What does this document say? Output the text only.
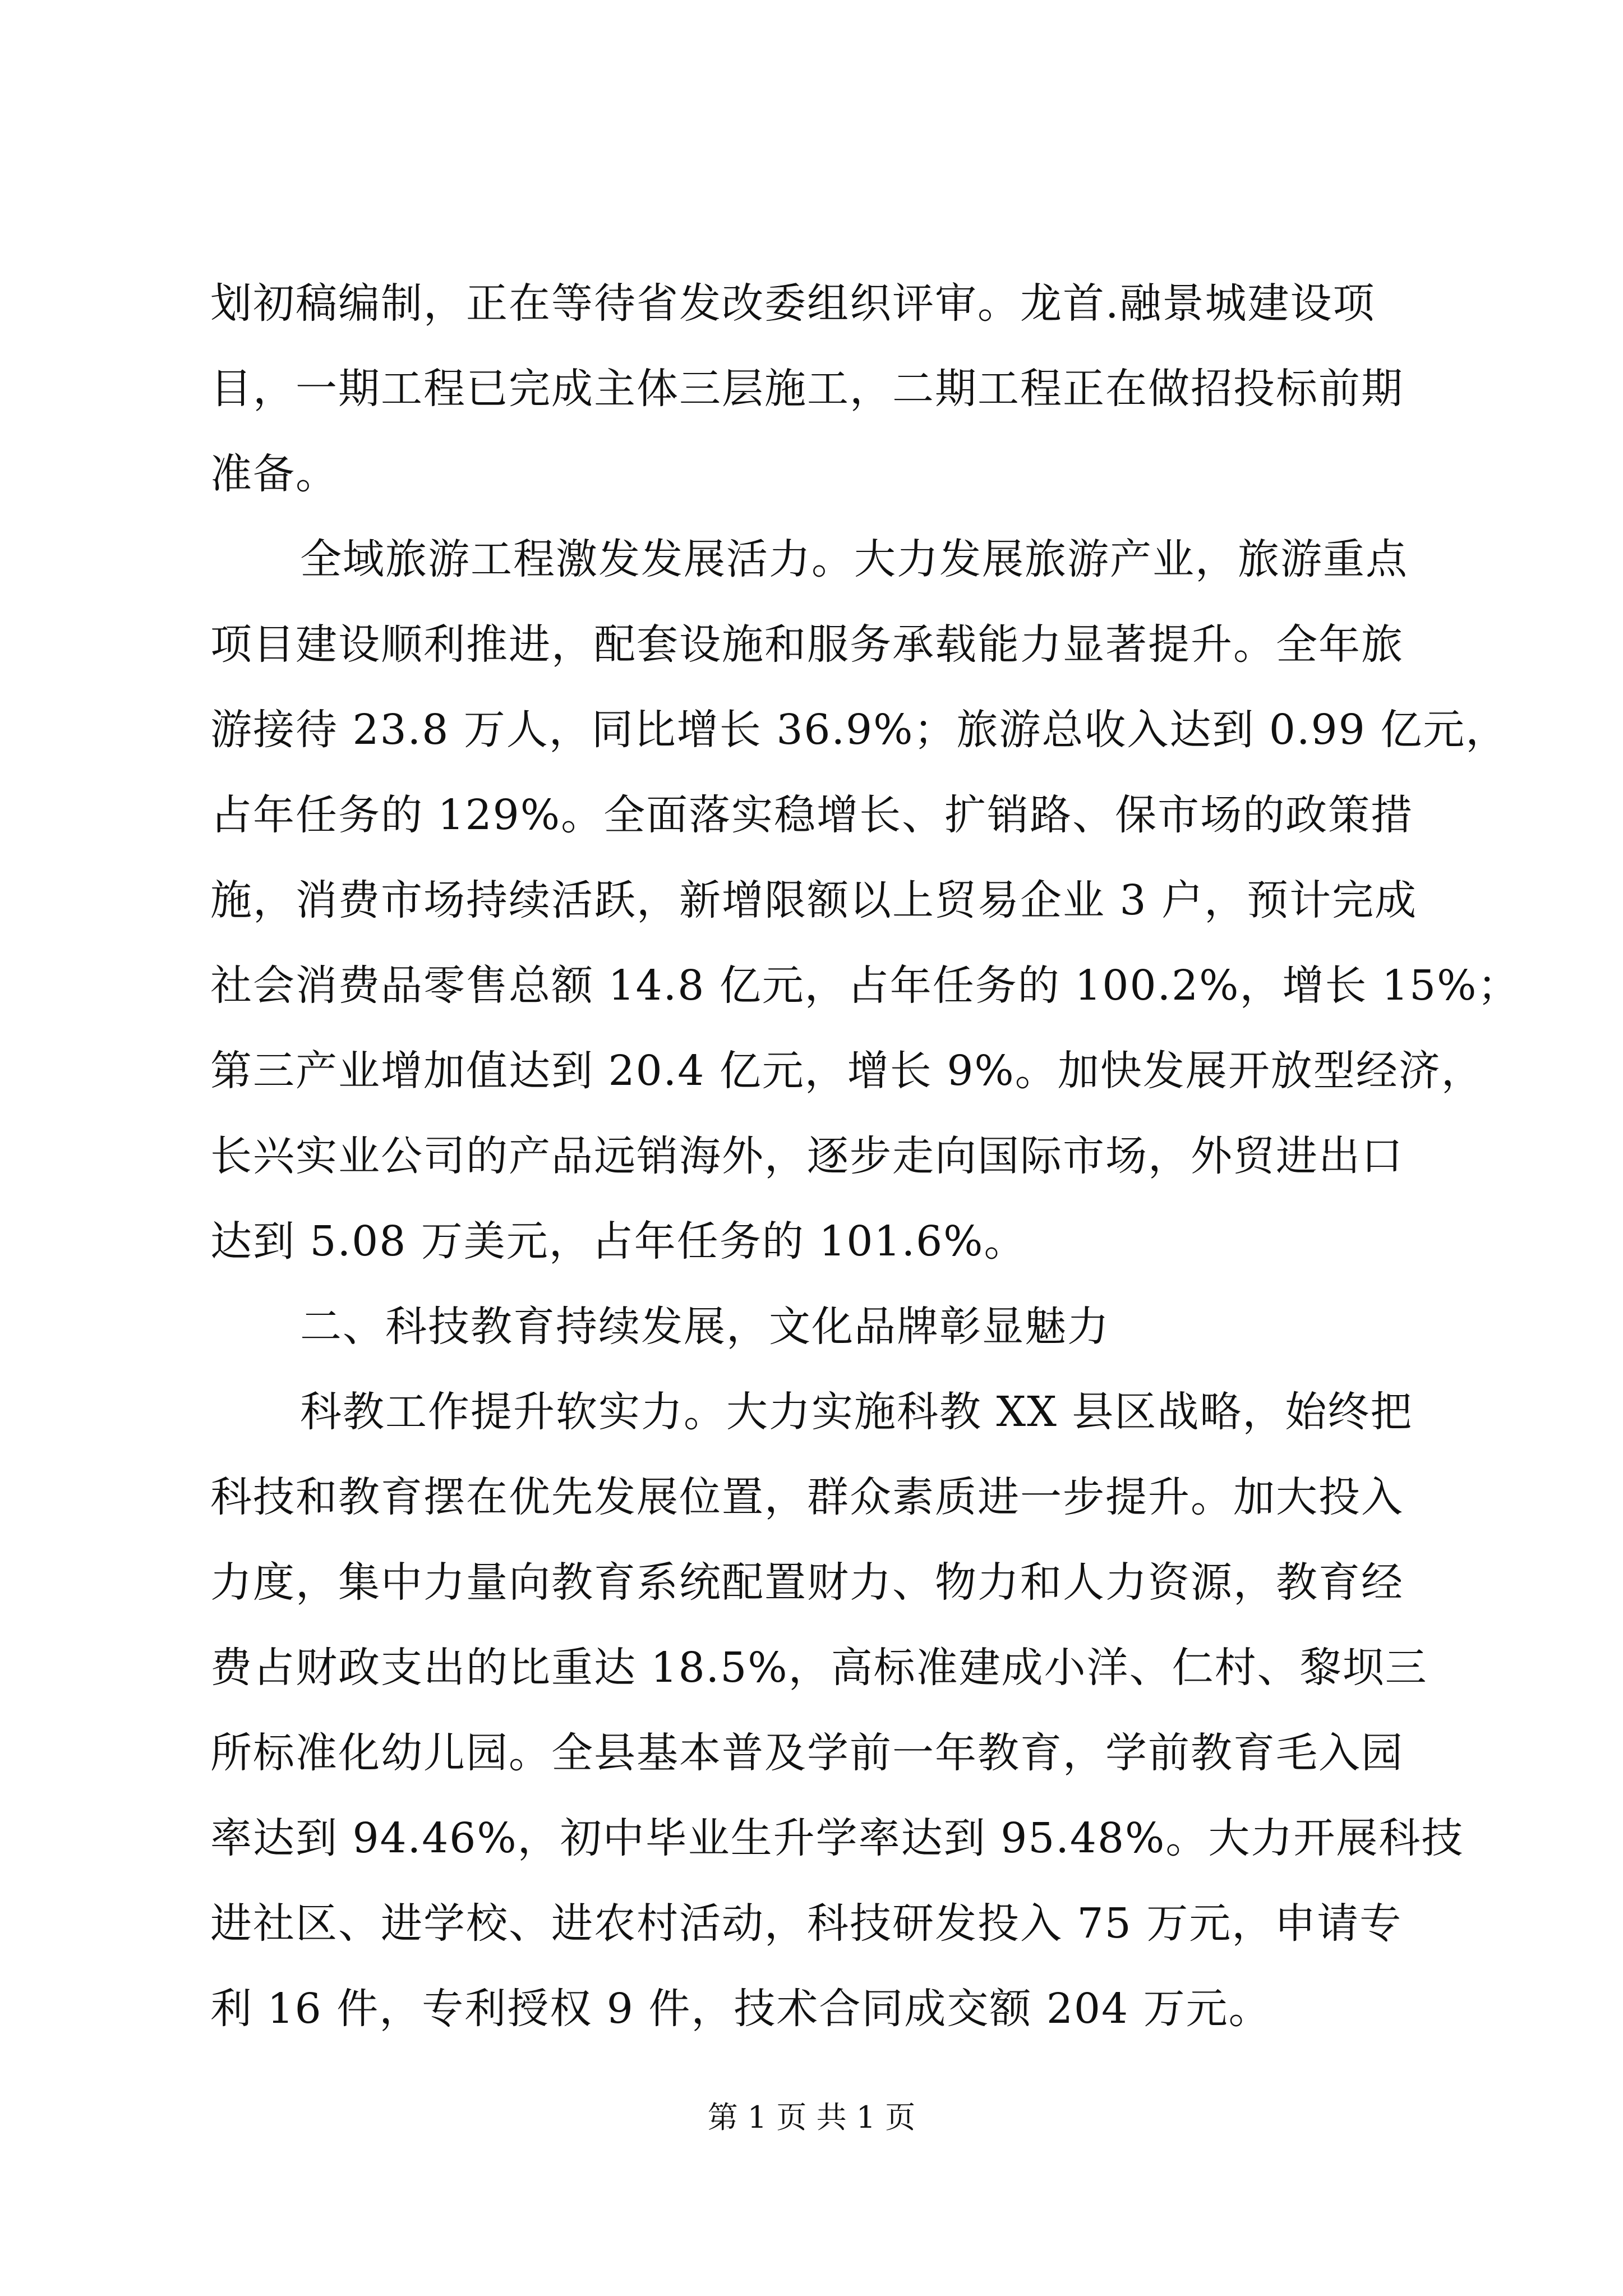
划初稿编制，正在等待省发改委组织评审。龙首.融景城建设项
目，一期工程已完成主体三层施工，二期工程正在做招投标前期
准备。
全域旅游工程激发发展活力。大力发展旅游产业，旅游重点
项目建设顺利推进，配套设施和服务承载能力显著提升。全年旅
游接待 23.8 万人，同比增长 36.9%；旅游总收入达到 0.99 亿元，
占年任务的 129%。全面落实稳增长、扩销路、保市场的政策措
施，消费市场持续活跃，新增限额以上贸易企业 3 户，预计完成
社会消费品零售总额 14.8 亿元，占年任务的 100.2%，增长 15%；
第三产业增加值达到 20.4 亿元，增长 9%。加快发展开放型经济，
长兴实业公司的产品远销海外，逐步走向国际市场，外贸进出口
达到 5.08 万美元，占年任务的 101.6%。
二、科技教育持续发展，文化品牌彰显魅力
科教工作提升软实力。大力实施科教 XX 县区战略，始终把
科技和教育摆在优先发展位置，群众素质进一步提升。加大投入
力度，集中力量向教育系统配置财力、物力和人力资源，教育经
费占财政支出的比重达 18.5%，高标准建成小洋、仁村、黎坝三
所标准化幼儿园。全县基本普及学前一年教育，学前教育毛入园
率达到 94.46%，初中毕业生升学率达到 95.48%。大力开展科技
进社区、进学校、进农村活动，科技研发投入 75 万元，申请专
利 16 件，专利授权 9 件，技术合同成交额 204 万元。
第 1 页 共 1 页
